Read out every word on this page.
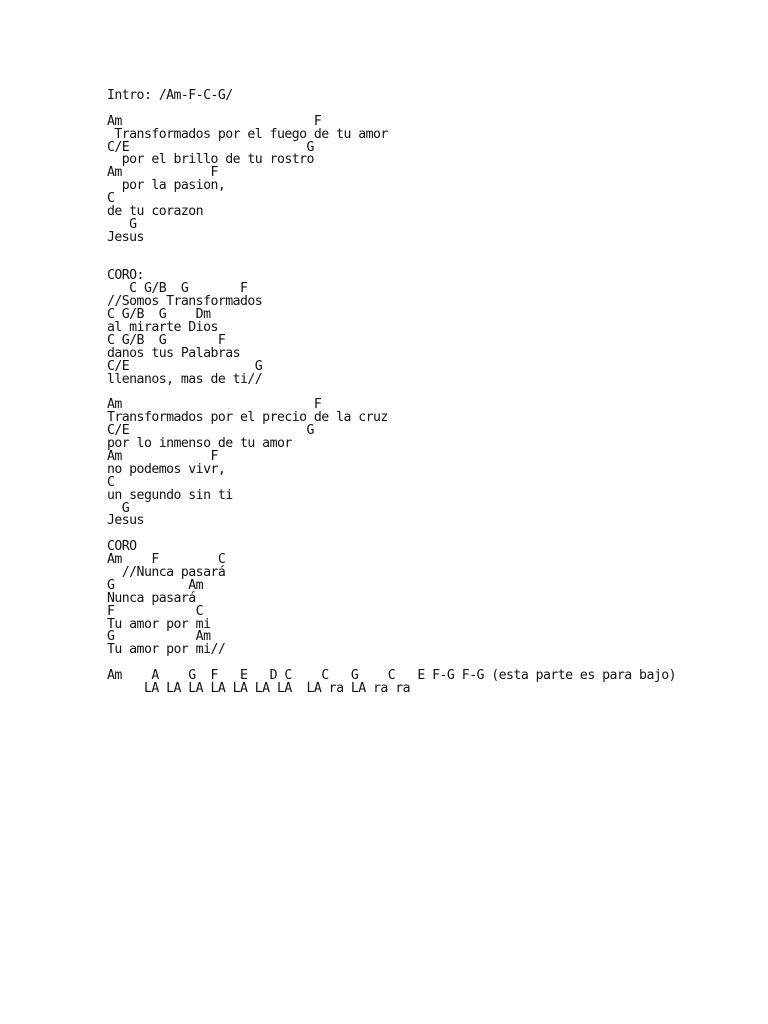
Intro: /Am-F-C-G/
Am                          F
Transformados por el fuego de tu amor
C/E                        G
por el brillo de tu rostro
Am            F
por la pasion,
C
de tu corazon
G
Jesus
CORO:
C G/B  G       F
//Somos Transformados
C G/B  G    Dm
al mirarte Dios
C G/B  G       F
danos tus Palabras
C/E                 G
llenanos, mas de ti//
Am                          F
Transformados por el precio de la cruz
C/E                        G
por lo inmenso de tu amor
Am            F
no podemos vivr,
C
un segundo sin ti
G
Jesus
CORO
Am    F        C
//Nunca pasará
G          Am
Nunca pasará
F           C
Tu amor por mi
G           Am
Tu amor por mi//
Am    A    G  F   E   D C    C   G    C   E F-G F-G (esta parte es para bajo)
LA LA LA LA LA LA LA  LA ra LA ra ra
